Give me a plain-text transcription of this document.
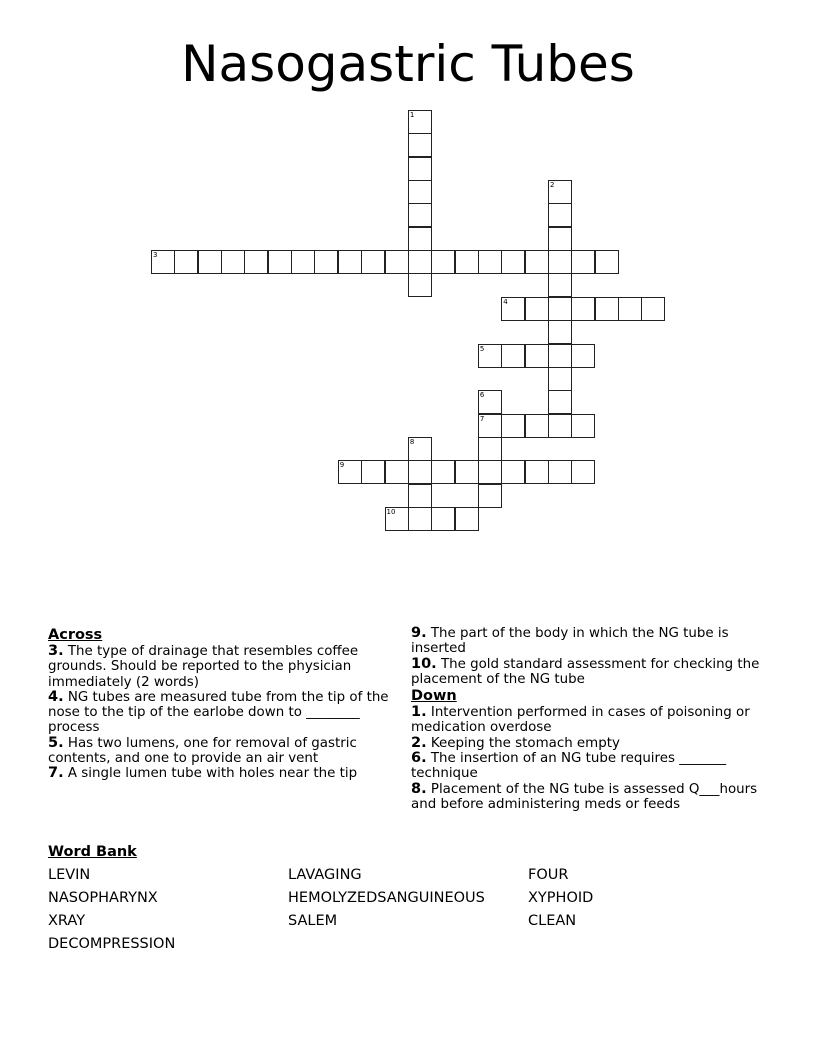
Nasogastric Tubes
1
2
3
4
5
6
7
8
9
10
Across

3. The type of drainage that resembles coffee grounds. Should be reported to the physician immediately (2 words)

4. NG tubes are measured tube from the tip of the nose to the tip of the earlobe down to ________ process

5. Has two lumens, one for removal of gastric contents, and one to provide an air vent

7. A single lumen tube with holes near the tip

9. The part of the body in which the NG tube is inserted

10. The gold standard assessment for checking the placement of the NG tube

Down

1. Intervention performed in cases of poisoning or medication overdose

2. Keeping the stomach empty

6. The insertion of an NG tube requires _______ technique

8. Placement of the NG tube is assessed Q___hours and before administering meds or feeds

Word Bank
LEVIN	LAVAGING	FOUR
NASOPHARYNX	HEMOLYZEDSANGUINEOUS	XYPHOID
XRAY	SALEM	CLEAN
DECOMPRESSION
